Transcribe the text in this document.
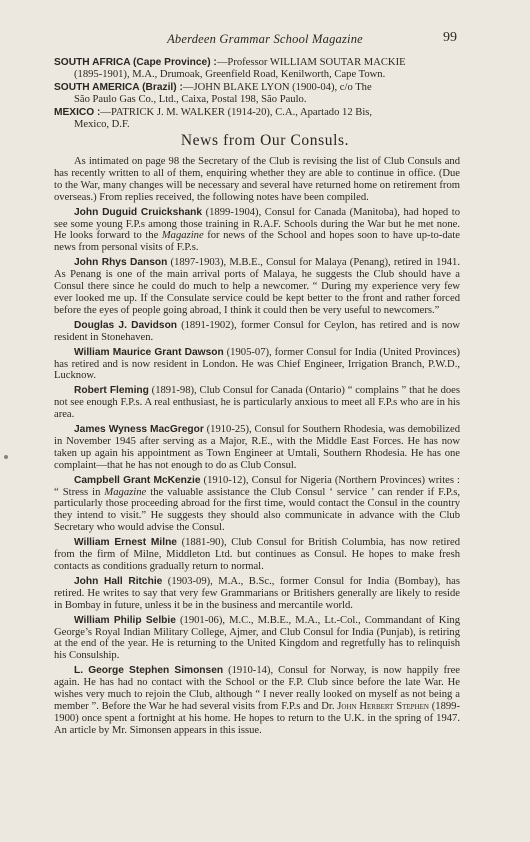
Aberdeen Grammar School Magazine	99

SOUTH AFRICA (Cape Province) :—Professor WILLIAM SOUTAR MACKIE
(1895-1901), M.A., Drumoak, Greenfield Road, Kenilworth, Cape Town.

SOUTH AMERICA (Brazil) :—JOHN BLAKE LYON (1900-04), c/o The
São Paulo Gas Co., Ltd., Caixa, Postal 198, São Paulo.

MEXICO :—PATRICK J. M. WALKER (1914-20), C.A., Apartado 12 Bis,
Mexico, D.F.

News from Our Consuls.

As intimated on page 98 the Secretary of the Club is revising the list of Club Consuls and has recently written to all of them, enquiring whether they are able to continue in office. (Due to the War, many changes will be necessary and several have returned home on retirement from overseas.) From replies received, the following notes have been compiled.

John Duguid Cruickshank (1899-1904), Consul for Canada (Manitoba), had hoped to see some young F.P.s among those training in R.A.F. Schools during the War but he met none. He looks forward to the Magazine for news of the School and hopes soon to have up-to-date news from personal visits of F.P.s.

John Rhys Danson (1897-1903), M.B.E., Consul for Malaya (Penang), retired in 1941. As Penang is one of the main arrival ports of Malaya, he suggests the Club should have a Consul there since he could do much to help a newcomer. “ During my experience very few ever looked me up. If the Consulate service could be kept better to the front and rather forced before the eyes of people going abroad, I think it could then be very useful to newcomers.”

Douglas J. Davidson (1891-1902), former Consul for Ceylon, has retired and is now resident in Stonehaven.

William Maurice Grant Dawson (1905-07), former Consul for India (United Provinces) has retired and is now resident in London. He was Chief Engineer, Irrigation Branch, P.W.D., Lucknow.

Robert Fleming (1891-98), Club Consul for Canada (Ontario) “ complains ” that he does not see enough F.P.s. A real enthusiast, he is particularly anxious to meet all F.P.s who are in his area.

James Wyness MacGregor (1910-25), Consul for Southern Rhodesia, was demobilized in November 1945 after serving as a Major, R.E., with the Middle East Forces. He has now taken up again his appointment as Town Engineer at Umtali, Southern Rhodesia. He has one complaint—that he has not enough to do as Club Consul.

Campbell Grant McKenzie (1910-12), Consul for Nigeria (Northern Provinces) writes : “ Stress in Magazine the valuable assistance the Club Consul ‘ service ’ can render if F.P.s, particularly those proceeding abroad for the first time, would contact the Consul in the country they intend to visit.” He suggests they should also communicate in advance with the Club Secretary who would advise the Consul.

William Ernest Milne (1881-90), Club Consul for British Columbia, has now retired from the firm of Milne, Middleton Ltd. but continues as Consul. He hopes to make fresh contacts as conditions gradually return to normal.

John Hall Ritchie (1903-09), M.A., B.Sc., former Consul for India (Bombay), has retired. He writes to say that very few Grammarians or Britishers generally are likely to reside in Bombay in future, unless it be in the business and mercantile world.

William Philip Selbie (1901-06), M.C., M.B.E., M.A., Lt.-Col., Commandant of King George’s Royal Indian Military College, Ajmer, and Club Consul for India (Punjab), is retiring at the end of the year. He is returning to the United Kingdom and regretfully has to relinquish his Consulship.

L. George Stephen Simonsen (1910-14), Consul for Norway, is now happily free again. He has had no contact with the School or the F.P. Club since before the late War. He wishes very much to rejoin the Club, although “ I never really looked on myself as not being a member ”. Before the War he had several visits from F.P.s and Dr. John Herbert Stephen (1899-1900) once spent a fortnight at his home. He hopes to return to the U.K. in the spring of 1947. An article by Mr. Simonsen appears in this issue.
